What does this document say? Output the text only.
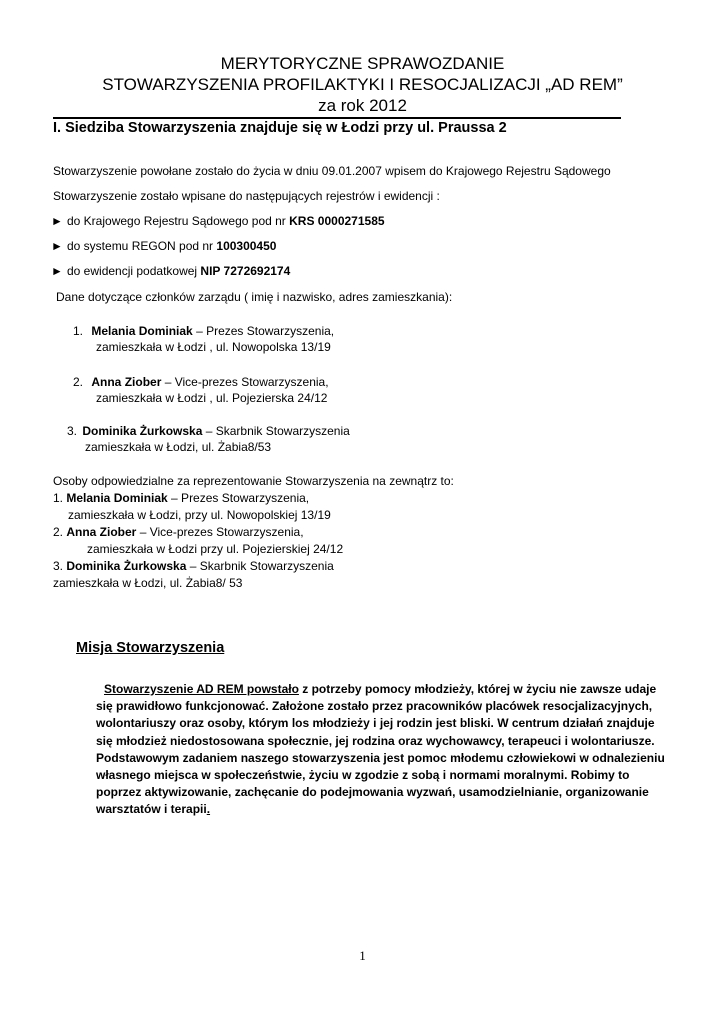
MERYTORYCZNE SPRAWOZDANIE
STOWARZYSZENIA PROFILAKTYKI I RESOCJALIZACJI „AD REM”
za rok 2012
I. Siedziba Stowarzyszenia znajduje się w Łodzi przy ul. Praussa 2
Stowarzyszenie powołane zostało do życia w dniu 09.01.2007 wpisem do Krajowego Rejestru Sądowego
Stowarzyszenie zostało wpisane do następujących rejestrów i ewidencji :
► do Krajowego Rejestru Sądowego pod nr KRS 0000271585
► do systemu REGON pod nr 100300450
► do ewidencji podatkowej NIP 7272692174
Dane dotyczące członków zarządu ( imię i nazwisko, adres zamieszkania):
1. Melania Dominiak – Prezes Stowarzyszenia,
zamieszkała w Łodzi , ul. Nowopolska 13/19
2. Anna Ziober – Vice-prezes Stowarzyszenia,
zamieszkała w Łodzi , ul. Pojezierska 24/12
3. Dominika Żurkowska – Skarbnik Stowarzyszenia
zamieszkała w Łodzi, ul. Żabia8/53
Osoby odpowiedzialne za reprezentowanie Stowarzyszenia na zewnątrz to:
1. Melania Dominiak – Prezes Stowarzyszenia,
zamieszkała w Łodzi, przy ul. Nowopolskiej 13/19
2. Anna Ziober – Vice-prezes Stowarzyszenia,
zamieszkała w Łodzi przy ul. Pojezierskiej 24/12
3. Dominika Żurkowska – Skarbnik Stowarzyszenia
zamieszkała w Łodzi, ul. Żabia8/ 53
Misja Stowarzyszenia
Stowarzyszenie AD REM powstało z potrzeby pomocy młodzieży, której w życiu nie zawsze udaje się prawidłowo funkcjonować. Założone zostało przez pracowników placówek resocjalizacyjnych, wolontariuszy oraz osoby, którym los młodzieży i jej rodzin jest bliski. W centrum działań znajduje się młodzież niedostosowana społecznie, jej rodzina oraz wychowawcy, terapeuci i wolontariusze. Podstawowym zadaniem naszego stowarzyszenia jest pomoc młodemu człowiekowi w odnalezieniu własnego miejsca w społeczeństwie, życiu w zgodzie z sobą i normami moralnymi. Robimy to poprzez aktywizowanie, zachęcanie do podejmowania wyzwań, usamodzielnianie, organizowanie warsztatów i terapii.
1
